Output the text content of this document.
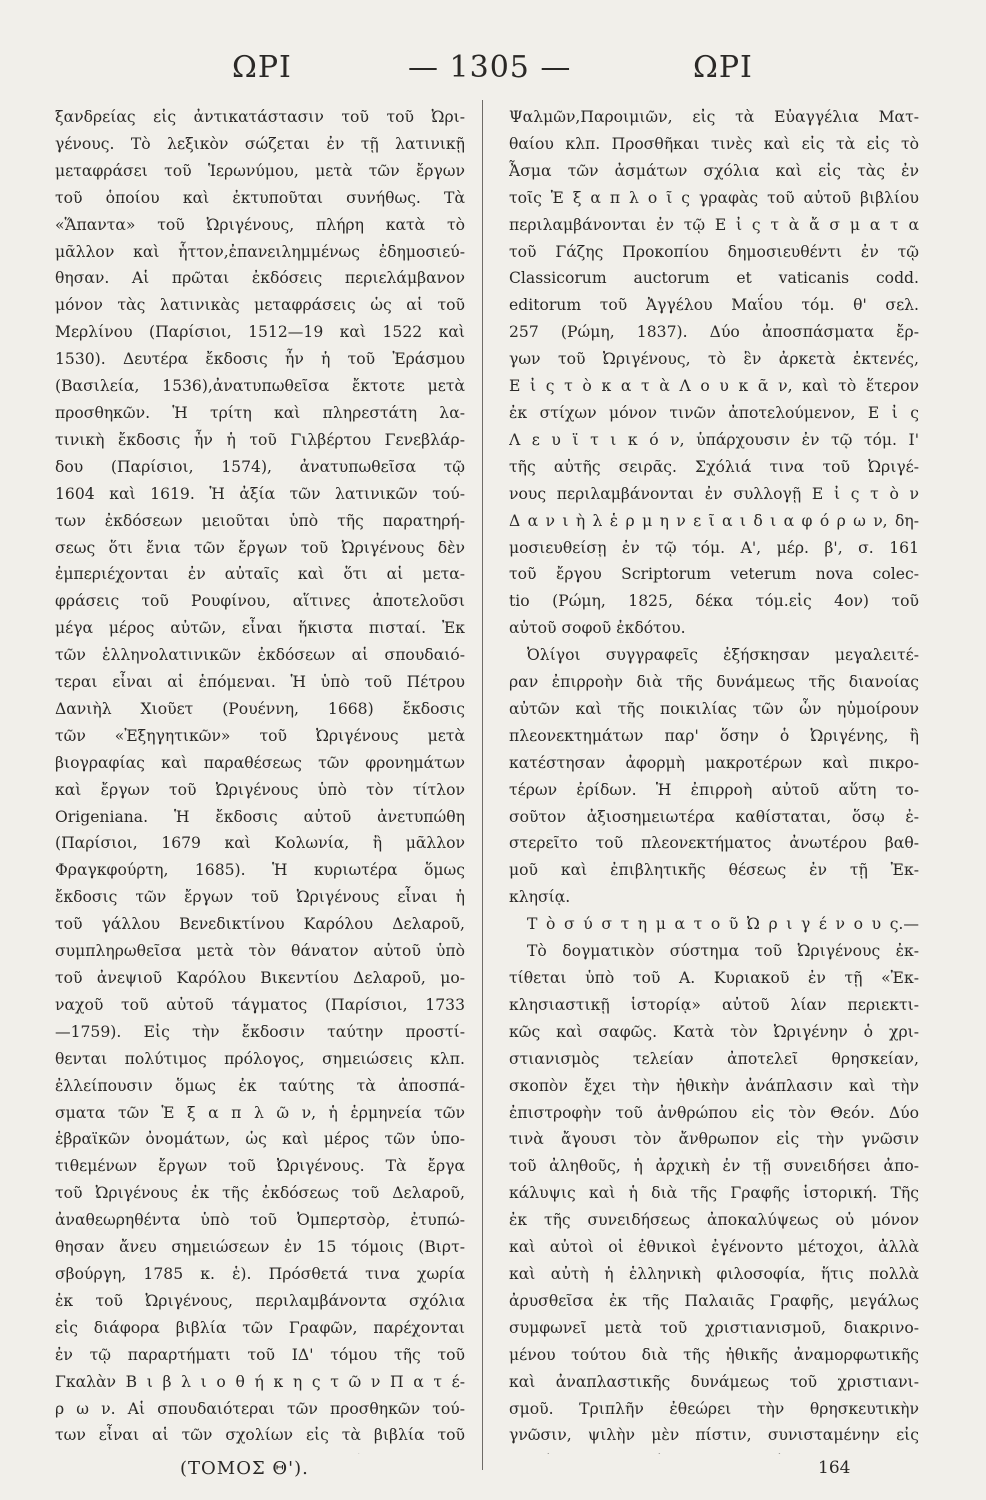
ΩΡΙ	— 1305 —	ΩΡΙ
ξανδρείας εἰς ἀντικατάστασιν τοῦ τοῦ Ὠρι-
γένους. Τὸ λεξικὸν σώζεται ἐν τῇ λατινικῇ
μεταφράσει τοῦ Ἱερωνύμου, μετὰ τῶν ἔργων
τοῦ ὁποίου καὶ ἐκτυποῦται συνήθως. Τὰ
«Ἅπαντα» τοῦ Ὠριγένους, πλήρη κατὰ τὸ
μᾶλλον καὶ ἧττον,ἐπανειλημμένως ἐδημοσιεύ-
θησαν. Αἱ πρῶται ἐκδόσεις περιελάμβανον
μόνον τὰς λατινικὰς μεταφράσεις ὡς αἱ τοῦ
Μερλίνου (Παρίσιοι, 1512—19 καὶ 1522 καὶ
1530). Δευτέρα ἔκδοσις ἦν ἡ τοῦ Ἐράσμου
(Βασιλεία, 1536),ἀνατυπωθεῖσα ἔκτοτε μετὰ
προσθηκῶν. Ἡ τρίτη καὶ πληρεστάτη λα-
τινικὴ ἔκδοσις ἦν ἡ τοῦ Γιλβέρτου Γενεβλάρ-
δου (Παρίσιοι, 1574), ἀνατυπωθεῖσα τῷ
1604 καὶ 1619. Ἡ ἀξία τῶν λατινικῶν τού-
των ἐκδόσεων μειοῦται ὑπὸ τῆς παρατηρή-
σεως ὅτι ἔνια τῶν ἔργων τοῦ Ὠριγένους δὲν
ἐμπεριέχονται ἐν αὐταῖς καὶ ὅτι αἱ μετα-
φράσεις τοῦ Ρουφίνου, αἵτινες ἀποτελοῦσι
μέγα μέρος αὐτῶν, εἶναι ἥκιστα πισταί. Ἐκ
τῶν ἑλληνολατινικῶν ἐκδόσεων αἱ σπουδαιό-
τεραι εἶναι αἱ ἑπόμεναι. Ἡ ὑπὸ τοῦ Πέτρου
Δανιὴλ Χιοῦετ (Ρουέννη, 1668) ἔκδοσις
τῶν «Ἐξηγητικῶν» τοῦ Ὠριγένους μετὰ
βιογραφίας καὶ παραθέσεως τῶν φρονημάτων
καὶ ἔργων τοῦ Ὠριγένους ὑπὸ τὸν τίτλον
Origeniana. Ἡ ἔκδοσις αὐτοῦ ἀνετυπώθη
(Παρίσιοι, 1679 καὶ Κολωνία, ἢ μᾶλλον
Φραγκφούρτη, 1685). Ἡ κυριωτέρα ὅμως
ἔκδοσις τῶν ἔργων τοῦ Ὠριγένους εἶναι ἡ
τοῦ γάλλου Βενεδικτίνου Καρόλου Δελαροῦ,
συμπληρωθεῖσα μετὰ τὸν θάνατον αὐτοῦ ὑπὸ
τοῦ ἀνεψιοῦ Καρόλου Βικεντίου Δελαροῦ, μο-
ναχοῦ τοῦ αὐτοῦ τάγματος (Παρίσιοι, 1733
—1759). Εἰς τὴν ἔκδοσιν ταύτην προστί-
θενται πολύτιμος πρόλογος, σημειώσεις κλπ.
ἐλλείπουσιν ὅμως ἐκ ταύτης τὰ ἀποσπά-
σματα τῶν Ἑ ξ α π λ ῶ ν, ἡ ἑρμηνεία τῶν
ἑβραϊκῶν ὀνομάτων, ὡς καὶ μέρος τῶν ὑπο-
τιθεμένων ἔργων τοῦ Ὠριγένους. Τὰ ἔργα
τοῦ Ὠριγένους ἐκ τῆς ἐκδόσεως τοῦ Δελαροῦ,
ἀναθεωρηθέντα ὑπὸ τοῦ Ὀμπερτσὸρ, ἐτυπώ-
θησαν ἄνευ σημειώσεων ἐν 15 τόμοις (Βιρτ-
σβούργη, 1785 κ. ἑ). Πρόσθετά τινα χωρία
ἐκ τοῦ Ὠριγένους, περιλαμβάνοντα σχόλια
εἰς διάφορα βιβλία τῶν Γραφῶν, παρέχονται
ἐν τῷ παραρτήματι τοῦ ΙΔ' τόμου τῆς τοῦ
Γκαλὰν Β ι β λ ι ο θ ή κ η ς τ ῶ ν Π α τ έ-
ρ ω ν. Αἱ σπουδαιότεραι τῶν προσθηκῶν τού-
των εἶναι αἱ τῶν σχολίων εἰς τὰ βιβλία τοῦ
Ψαλμῶν,Παροιμιῶν, εἰς τὰ Εὐαγγέλια Ματ-
θαίου κλπ. Προσθῆκαι τινὲς καὶ εἰς τὰ εἰς τὸ
Ἆσμα τῶν ἀσμάτων σχόλια καὶ εἰς τὰς ἐν
τοῖς Ἑ ξ α π λ ο ῖ ς γραφὰς τοῦ αὐτοῦ βιβλίου
περιλαμβάνονται ἐν τῷ Ε ἰ ς τ ὰ ἄ σ μ α τ α
τοῦ Γάζης Προκοπίου δημοσιευθέντι ἐν τῷ
Classicorum auctorum et vaticanis codd.
editorum τοῦ Ἀγγέλου Μαΐου τόμ. θ' σελ.
257 (Ρώμη, 1837). Δύο ἀποσπάσματα ἔρ-
γων τοῦ Ὠριγένους, τὸ ἓν ἀρκετὰ ἐκτενές,
Ε ἰ ς τ ὸ κ α τ ὰ Λ ο υ κ ᾶ ν, καὶ τὸ ἕτερον
ἐκ στίχων μόνον τινῶν ἀποτελούμενον, Ε ἰ ς
Λ ε υ ϊ τ ι κ ό ν, ὑπάρχουσιν ἐν τῷ τόμ. Ι'
τῆς αὐτῆς σειρᾶς. Σχόλιά τινα τοῦ Ὠριγέ-
νους περιλαμβάνονται ἐν συλλογῇ Ε ἰ ς τ ὸ ν
Δ α ν ι ὴ λ ἑ ρ μ η ν ε ῖ α ι δ ι α φ ό ρ ω ν, δη-
μοσιευθείσῃ ἐν τῷ τόμ. Α', μέρ. β', σ. 161
τοῦ ἔργου Scriptorum veterum nova colec-
tio (Ρώμη, 1825, δέκα τόμ.εἰς 4ον) τοῦ
αὐτοῦ σοφοῦ ἐκδότου.
Ὀλίγοι συγγραφεῖς ἐξήσκησαν μεγαλειτέ-
ραν ἐπιρροὴν διὰ τῆς δυνάμεως τῆς διανοίας
αὐτῶν καὶ τῆς ποικιλίας τῶν ὧν ηὐμοίρουν
πλεονεκτημάτων παρ' ὅσην ὁ Ὠριγένης, ἢ
κατέστησαν ἀφορμὴ μακροτέρων καὶ πικρο-
τέρων ἐρίδων. Ἡ ἐπιρροὴ αὐτοῦ αὕτη το-
σοῦτον ἀξιοσημειωτέρα καθίσταται, ὅσῳ ἐ-
στερεῖτο τοῦ πλεονεκτήματος ἀνωτέρου βαθ-
μοῦ καὶ ἐπιβλητικῆς θέσεως ἐν τῇ Ἐκ-
κλησίᾳ.
Τ ὸ σ ύ σ τ η μ α τ ο ῦ Ὠ ρ ι γ έ ν ο υ ς.—
Τὸ δογματικὸν σύστημα τοῦ Ὠριγένους ἐκ-
τίθεται ὑπὸ τοῦ Α. Κυριακοῦ ἐν τῇ «Ἐκ-
κλησιαστικῇ ἱστορίᾳ» αὐτοῦ λίαν περιεκτι-
κῶς καὶ σαφῶς. Κατὰ τὸν Ὠριγένην ὁ χρι-
στιανισμὸς τελείαν ἀποτελεῖ θρησκείαν,
σκοπὸν ἔχει τὴν ἠθικὴν ἀνάπλασιν καὶ τὴν
ἐπιστροφὴν τοῦ ἀνθρώπου εἰς τὸν Θεόν. Δύο
τινὰ ἄγουσι τὸν ἄνθρωπον εἰς τὴν γνῶσιν
τοῦ ἀληθοῦς, ἡ ἀρχικὴ ἐν τῇ συνειδήσει ἀπο-
κάλυψις καὶ ἡ διὰ τῆς Γραφῆς ἱστορική. Τῆς
ἐκ τῆς συνειδήσεως ἀποκαλύψεως οὐ μόνον
καὶ αὐτοὶ οἱ ἐθνικοὶ ἐγένοντο μέτοχοι, ἀλλὰ
καὶ αὐτὴ ἡ ἑλληνικὴ φιλοσοφία, ἥτις πολλὰ
ἀρυσθεῖσα ἐκ τῆς Παλαιᾶς Γραφῆς, μεγάλως
συμφωνεῖ μετὰ τοῦ χριστιανισμοῦ, διακρινο-
μένου τούτου διὰ τῆς ἠθικῆς ἀναμορφωτικῆς
καὶ ἀναπλαστικῆς δυνάμεως τοῦ χριστιανι-
σμοῦ. Τριπλῆν ἐθεώρει τὴν θρησκευτικὴν
γνῶσιν, ψιλὴν μὲν πίστιν, συνισταμένην εἰς
(ΤΟΜΟΣ Θ').	164
